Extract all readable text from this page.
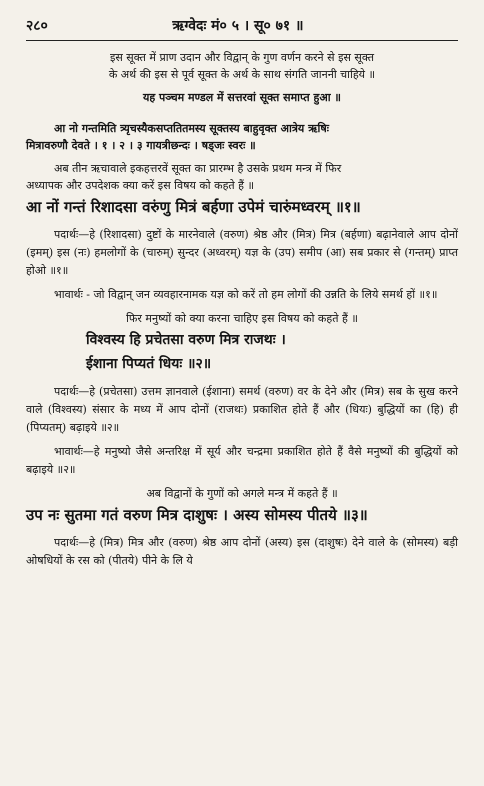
२८०	ऋग्वेदः मं० ५ । सू० ७१ ॥

इस सूक्त में प्राण उदान और विद्वान् के गुण वर्णन करने से इस सूक्त

के अर्थ की इस से पूर्व सूक्त के अर्थ के साथ संगति जाननी चाहिये ॥

यह पञ्चम मण्डल में सत्तरवां सूक्त समाप्त हुआ ॥

आ नो गन्तमिति त्र्यृचस्यैकसप्ततितमस्य सूक्तस्य बाहुवृक्त आत्रेय ऋषिः

मित्रावरुणौ देवते । १ । २ । ३ गायत्रीछन्दः । षड्जः स्वरः ॥

अब तीन ऋचावाले इकहत्तरवें सूक्त का प्रारम्भ है उसके प्रथम मन्त्र में फिर

अध्यापक और उपदेशक क्या करें इस विषय को कहते हैं ॥

आ नों गन्तं रिशादसा वरुंणु मित्रं बर्हणा उपेमं चारुंमध्वरम् ॥१॥

पदार्थः—हे (रिशादसा) दुष्टों के मारनेवाले (वरुण) श्रेष्ठ और (मित्र) मित्र (बर्हणा) बढ़ानेवाले आप दोनों (इमम्) इस (नः) हमलोगों के (चारुम्) सुन्दर (अध्वरम्) यज्ञ के (उप) समीप (आ) सब प्रकार से (गन्तम्) प्राप्त होओ ॥१॥

भावार्थः - जो विद्वान् जन व्यवहारनामक यज्ञ को करें तो हम लोगों की उन्नति के लिये समर्थ हों ॥१॥

फिर मनुष्यों को क्या करना चाहिए इस विषय को कहते हैं ॥

विश्वस्य हि प्रचेतसा वरुण मित्र राजथः ।

ईशाना पिप्यतं धियः ॥२॥

पदार्थः—हे (प्रचेतसा) उत्तम ज्ञानवाले (ईशाना) समर्थ (वरुण) वर के देने और (मित्र) सब के सुख करने वाले (विश्वस्य) संसार के मध्य में आप दोनों (राजथः) प्रकाशित होते हैं और (धियः) बुद्धियों का (हि) ही (पिप्यतम्) बढ़ाइये ॥२॥

भावार्थः—हे मनुष्यो जैसे अन्तरिक्ष में सूर्य और चन्द्रमा प्रकाशित होते हैं वैसे मनुष्यों की बुद्धियों को बढ़ाइये ॥२॥

अब विद्वानों के गुणों को अगले मन्त्र में कहते हैं ॥

उप नः सुतमा गतं वरुण मित्र दाशुषः । अस्य सोमस्य पीतये ॥३॥

पदार्थः—हे (मित्र) मित्र और (वरुण) श्रेष्ठ आप दोनों (अस्य) इस (दाशुषः) देने वाले के (सोमस्य) बड़ी ओषधियों के रस को (पीतये) पीने के लि ये
